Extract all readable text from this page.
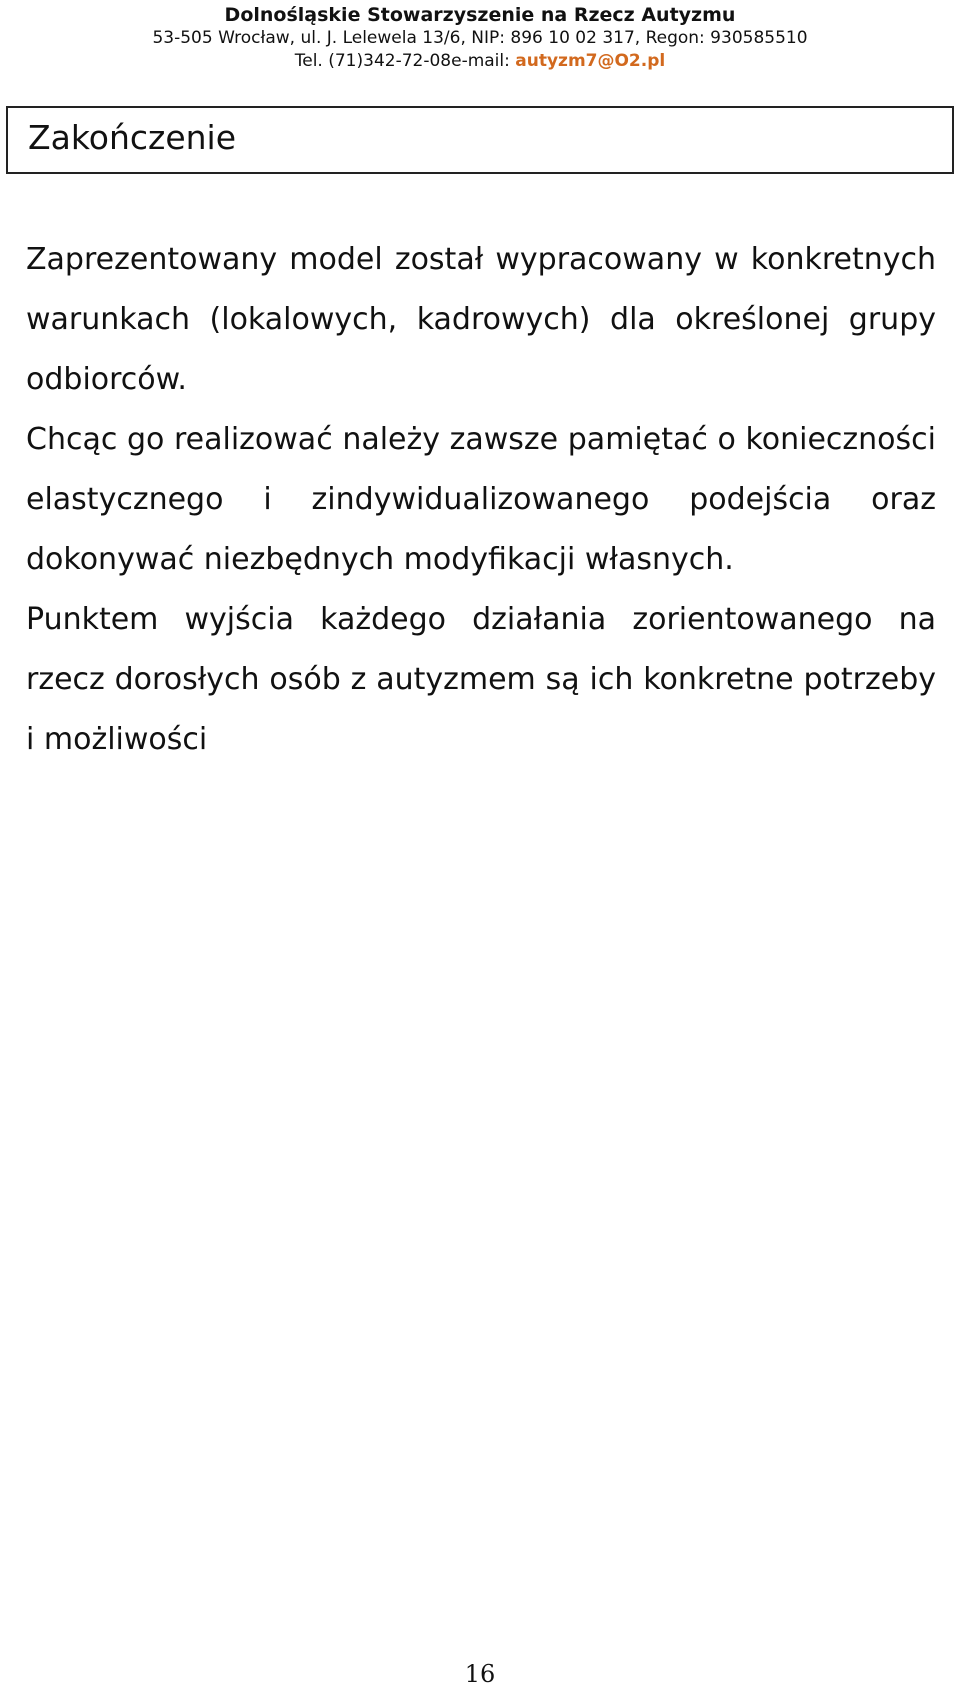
Dolnośląskie Stowarzyszenie na Rzecz Autyzmu
53-505 Wrocław, ul. J. Lelewela 13/6, NIP: 896 10 02 317, Regon: 930585510
Tel. (71)342-72-08e-mail: autyzm7@O2.pl
Zakończenie

Zaprezentowany model został wypracowany w konkretnych warunkach (lokalowych, kadrowych) dla określonej grupy odbiorców.

Chcąc go realizować należy zawsze pamiętać o konieczności elastycznego i zindywidualizowanego podejścia oraz dokonywać niezbędnych modyfikacji własnych.

Punktem wyjścia każdego działania zorientowanego na rzecz dorosłych osób z autyzmem są ich konkretne potrzeby i możliwości

16
